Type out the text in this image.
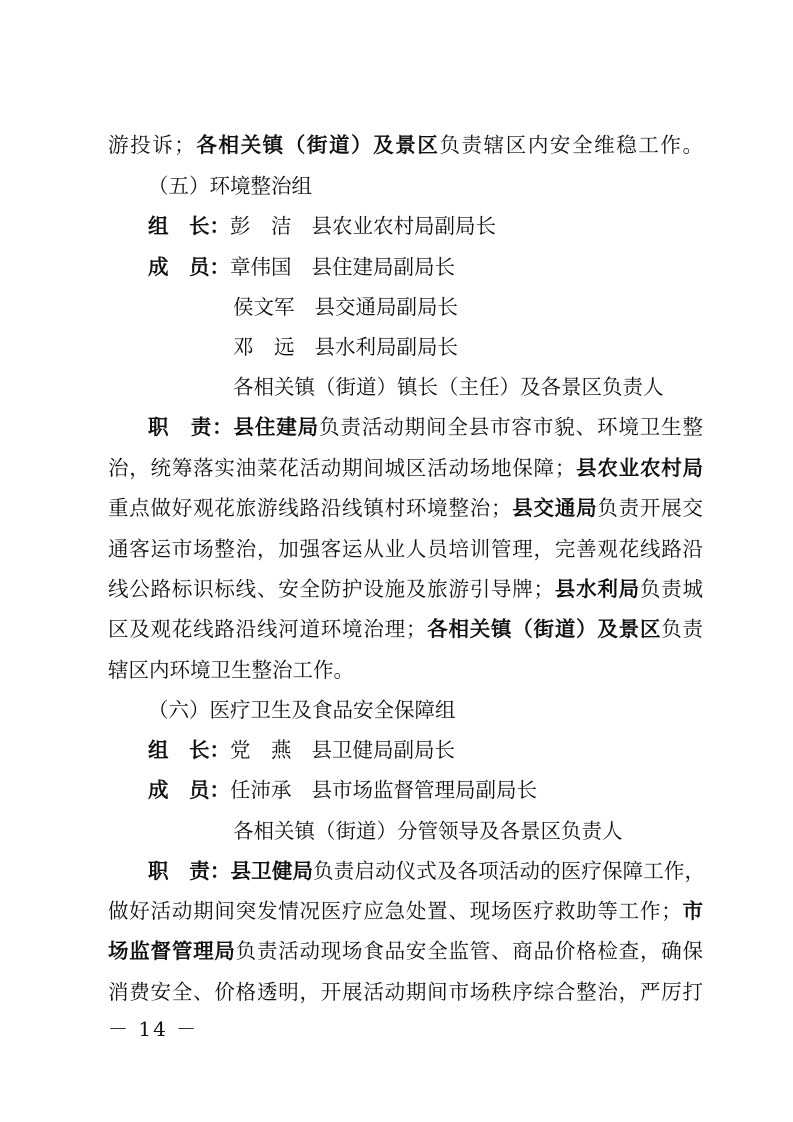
游投诉；各相关镇（街道）及景区负责辖区内安全维稳工作。
（五）环境整治组
组　长：彭　洁 县农业农村局副局长
成　员：章伟国 县住建局副局长
侯文军 县交通局副局长
邓　远 县水利局副局长
各相关镇（街道）镇长（主任）及各景区负责人
职　责：县住建局负责活动期间全县市容市貌、环境卫生整
治，统筹落实油菜花活动期间城区活动场地保障；县农业农村局
重点做好观花旅游线路沿线镇村环境整治；县交通局负责开展交
通客运市场整治，加强客运从业人员培训管理，完善观花线路沿
线公路标识标线、安全防护设施及旅游引导牌；县水利局负责城
区及观花线路沿线河道环境治理；各相关镇（街道）及景区负责
辖区内环境卫生整治工作。
（六）医疗卫生及食品安全保障组
组　长：党　燕 县卫健局副局长
成　员：任沛承 县市场监督管理局副局长
各相关镇（街道）分管领导及各景区负责人
职　责：县卫健局负责启动仪式及各项活动的医疗保障工作，
做好活动期间突发情况医疗应急处置、现场医疗救助等工作；市
场监督管理局负责活动现场食品安全监管、商品价格检查，确保
消费安全、价格透明，开展活动期间市场秩序综合整治，严厉打
－ 14 －
